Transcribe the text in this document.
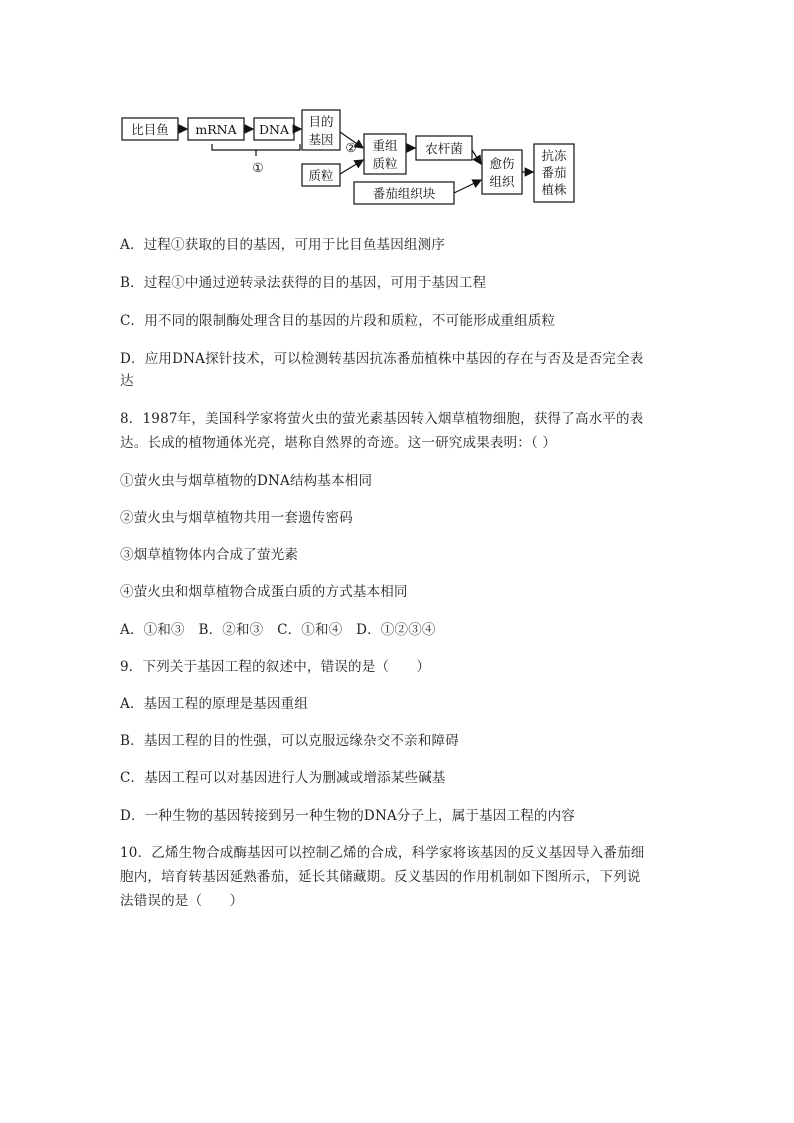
比目鱼 mRNA DNA
目的
基因
质粒
② 重组
质粒
农杆菌
番茄组织块
愈伤
组织
抗冻
番茄
植株
①
A．过程①获取的目的基因，可用于比目鱼基因组测序
B．过程①中通过逆转录法获得的目的基因，可用于基因工程
C．用不同的限制酶处理含目的基因的片段和质粒，不可能形成重组质粒
D．应用DNA探针技术，可以检测转基因抗冻番茄植株中基因的存在与否及是否完全表
达
8．1987年，美国科学家将萤火虫的萤光素基因转入烟草植物细胞，获得了高水平的表
达。长成的植物通体光亮，堪称自然界的奇迹。这一研究成果表明：（ ）
①萤火虫与烟草植物的DNA结构基本相同
②萤火虫与烟草植物共用一套遗传密码
③烟草植物体内合成了萤光素
④萤火虫和烟草植物合成蛋白质的方式基本相同
A．①和③　B．②和③　C．①和④　D．①②③④
9．下列关于基因工程的叙述中，错误的是（　　）
A．基因工程的原理是基因重组
B．基因工程的目的性强，可以克服远缘杂交不亲和障碍
C．基因工程可以对基因进行人为删减或增添某些碱基
D．一种生物的基因转接到另一种生物的DNA分子上，属于基因工程的内容
10．乙烯生物合成酶基因可以控制乙烯的合成，科学家将该基因的反义基因导入番茄细
胞内，培育转基因延熟番茄，延长其储藏期。反义基因的作用机制如下图所示，下列说
法错误的是（　　）
